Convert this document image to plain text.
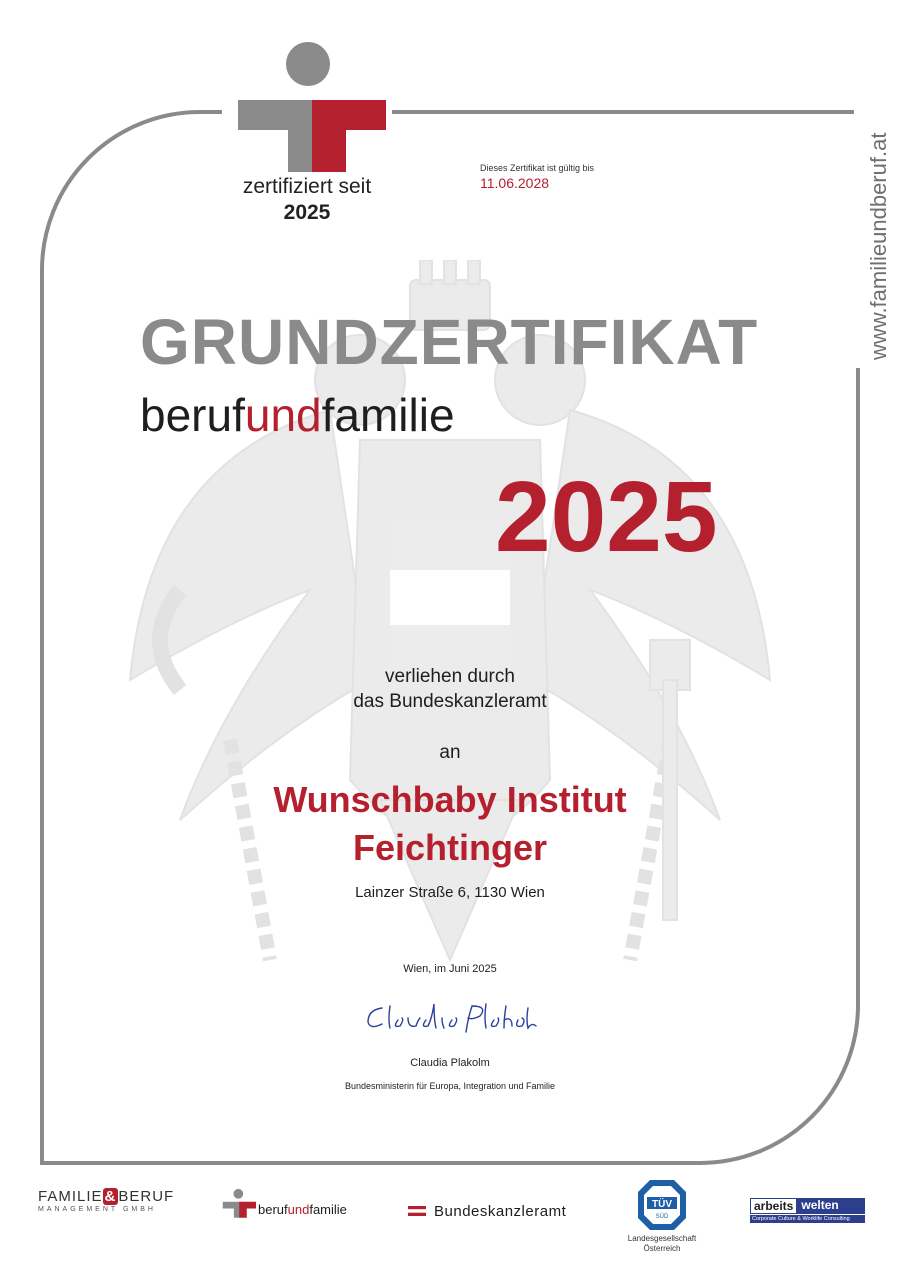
zertifiziert seit
2025
Dieses Zertifikat ist gültig bis
11.06.2028	www.familieundberuf.at
GRUNDZERTIFIKAT
berufundfamilie
2025
verliehen durch
das Bundeskanzleramt
an
Wunschbaby Institut
Feichtinger
Lainzer Straße 6, 1130 Wien
Wien, im Juni 2025
Claudia Plakolm
Bundesministerin für Europa, Integration und Familie
FAMILIE & BERUF
MANAGEMENT GMBH	berufundfamilie	Bundeskanzleramt	TÜV
SÜD
Landesgesellschaft
Österreich
arbeits welten
Corporate Culture & Worklife Consulting
